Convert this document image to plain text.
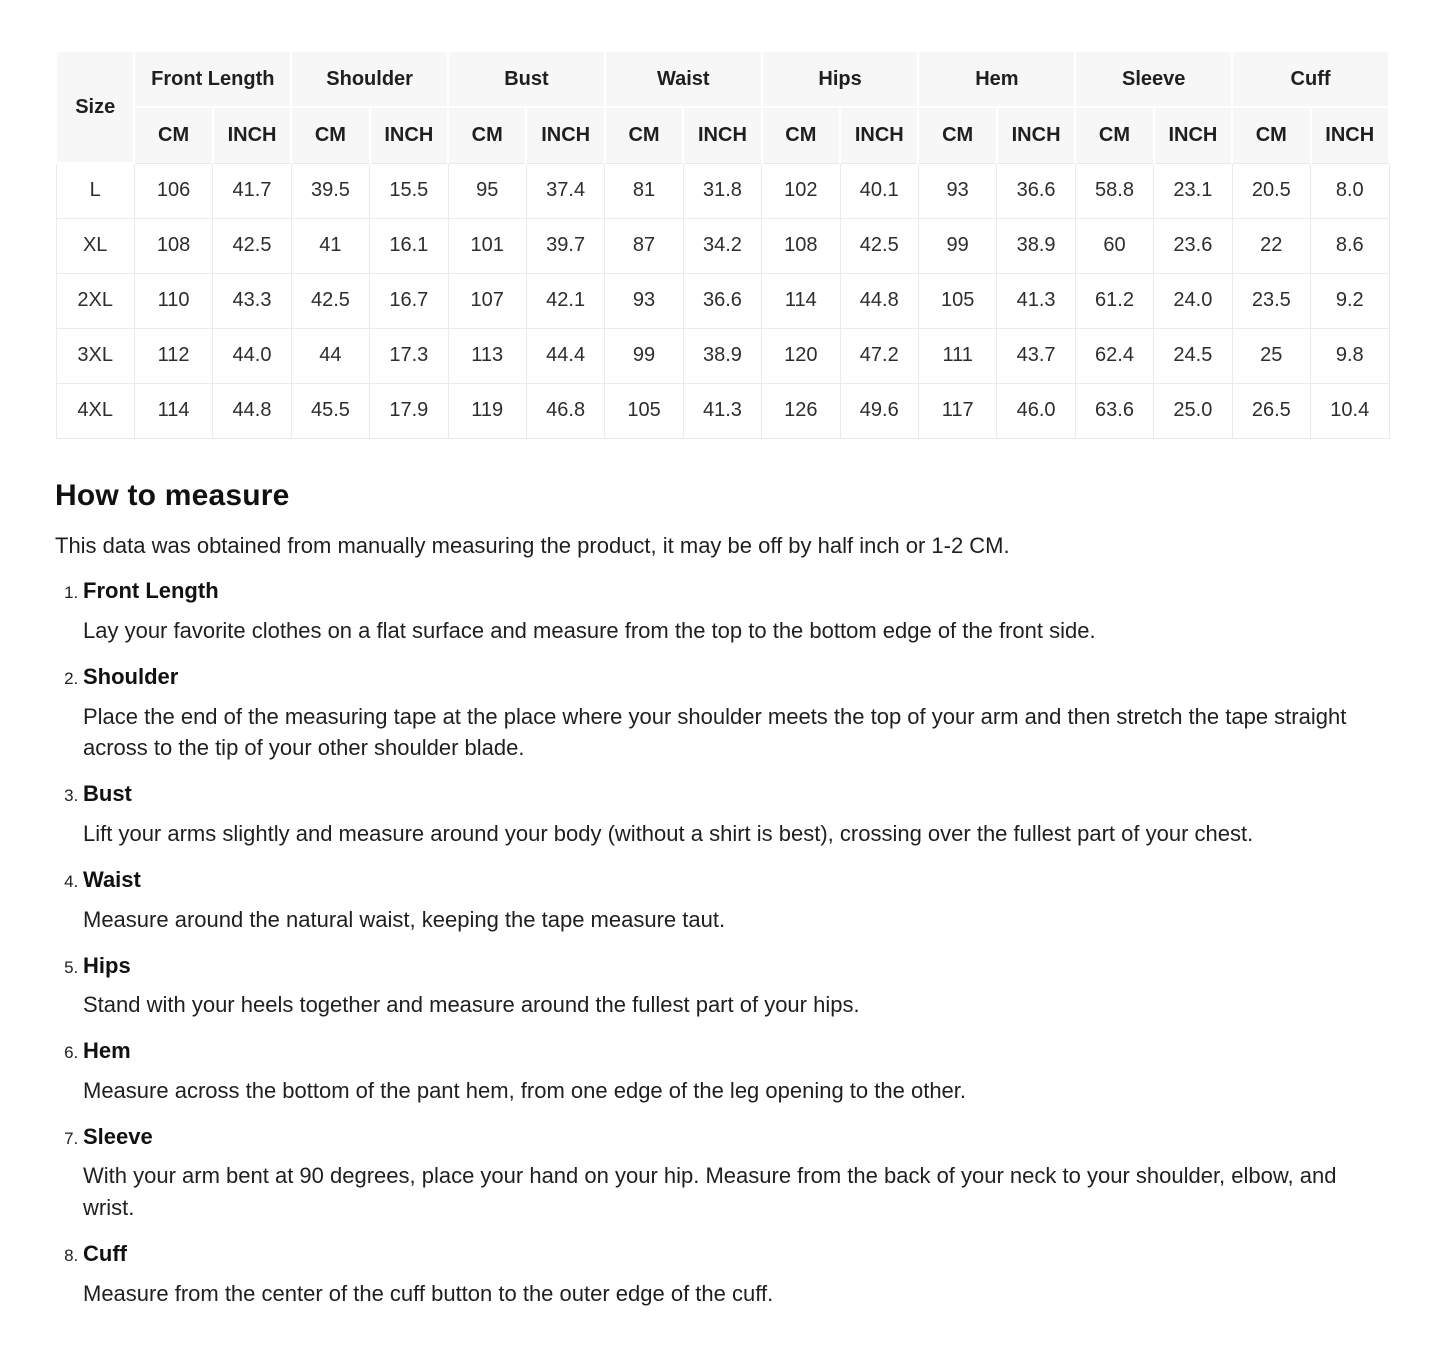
Size	Front Length		Shoulder		Bust		Waist		Hips		Hem		Sleeve		Cuff	
	CM	INCH	CM	INCH	CM	INCH	CM	INCH	CM	INCH	CM	INCH	CM	INCH	CM	INCH
L	106	41.7	39.5	15.5	95	37.4	81	31.8	102	40.1	93	36.6	58.8	23.1	20.5	8.0
XL	108	42.5	41	16.1	101	39.7	87	34.2	108	42.5	99	38.9	60	23.6	22	8.6
2XL	110	43.3	42.5	16.7	107	42.1	93	36.6	114	44.8	105	41.3	61.2	24.0	23.5	9.2
3XL	112	44.0	44	17.3	113	44.4	99	38.9	120	47.2	111	43.7	62.4	24.5	25	9.8
4XL	114	44.8	45.5	17.9	119	46.8	105	41.3	126	49.6	117	46.0	63.6	25.0	26.5	10.4
How to measure

This data was obtained from manually measuring the product, it may be off by half inch or 1-2 CM.

1. Front Length

Lay your favorite clothes on a flat surface and measure from the top to the bottom edge of the front side.

2. Shoulder

Place the end of the measuring tape at the place where your shoulder meets the top of your arm and then stretch the tape straight across to the tip of your other shoulder blade.

3. Bust

Lift your arms slightly and measure around your body (without a shirt is best), crossing over the fullest part of your chest.

4. Waist

Measure around the natural waist, keeping the tape measure taut.

5. Hips

Stand with your heels together and measure around the fullest part of your hips.

6. Hem

Measure across the bottom of the pant hem, from one edge of the leg opening to the other.

7. Sleeve

With your arm bent at 90 degrees, place your hand on your hip. Measure from the back of your neck to your shoulder, elbow, and wrist.

8. Cuff

Measure from the center of the cuff button to the outer edge of the cuff.
